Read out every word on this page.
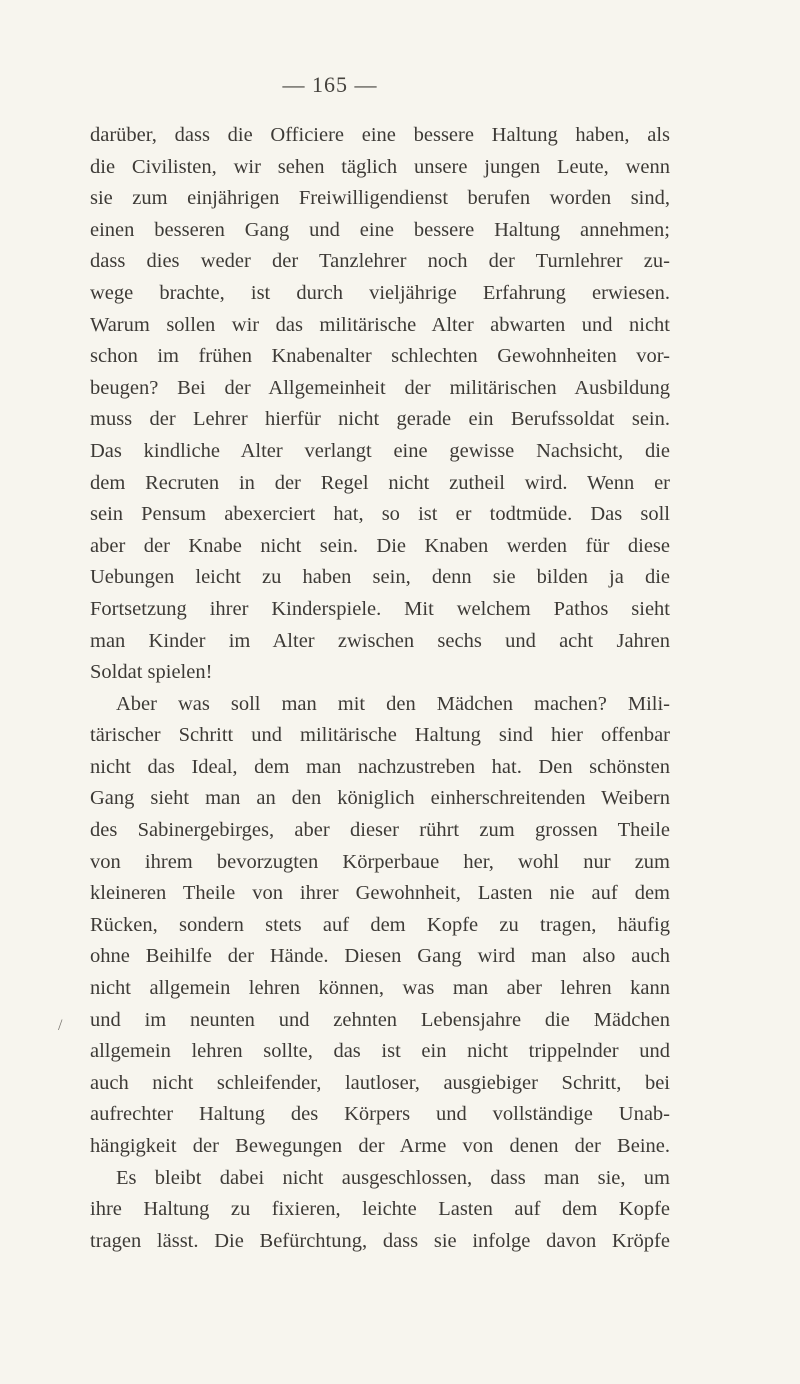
— 165 —
/
darüber, dass die Officiere eine bessere Haltung haben, als
die Civilisten, wir sehen täglich unsere jungen Leute, wenn
sie zum einjährigen Freiwilligendienst berufen worden sind,
einen besseren Gang und eine bessere Haltung annehmen;
dass dies weder der Tanzlehrer noch der Turnlehrer zu-
wege brachte, ist durch vieljährige Erfahrung erwiesen.
Warum sollen wir das militärische Alter abwarten und nicht
schon im frühen Knabenalter schlechten Gewohnheiten vor-
beugen? Bei der Allgemeinheit der militärischen Ausbildung
muss der Lehrer hierfür nicht gerade ein Berufssoldat sein.
Das kindliche Alter verlangt eine gewisse Nachsicht, die
dem Recruten in der Regel nicht zutheil wird. Wenn er
sein Pensum abexerciert hat, so ist er todtmüde. Das soll
aber der Knabe nicht sein. Die Knaben werden für diese
Uebungen leicht zu haben sein, denn sie bilden ja die
Fortsetzung ihrer Kinderspiele. Mit welchem Pathos sieht
man Kinder im Alter zwischen sechs und acht Jahren
Soldat spielen!
Aber was soll man mit den Mädchen machen? Mili-
tärischer Schritt und militärische Haltung sind hier offenbar
nicht das Ideal, dem man nachzustreben hat. Den schönsten
Gang sieht man an den königlich einherschreitenden Weibern
des Sabinergebirges, aber dieser rührt zum grossen Theile
von ihrem bevorzugten Körperbaue her, wohl nur zum
kleineren Theile von ihrer Gewohnheit, Lasten nie auf dem
Rücken, sondern stets auf dem Kopfe zu tragen, häufig
ohne Beihilfe der Hände. Diesen Gang wird man also auch
nicht allgemein lehren können, was man aber lehren kann
und im neunten und zehnten Lebensjahre die Mädchen
allgemein lehren sollte, das ist ein nicht trippelnder und
auch nicht schleifender, lautloser, ausgiebiger Schritt, bei
aufrechter Haltung des Körpers und vollständige Unab-
hängigkeit der Bewegungen der Arme von denen der Beine.
Es bleibt dabei nicht ausgeschlossen, dass man sie, um
ihre Haltung zu fixieren, leichte Lasten auf dem Kopfe
tragen lässt. Die Befürchtung, dass sie infolge davon Kröpfe
